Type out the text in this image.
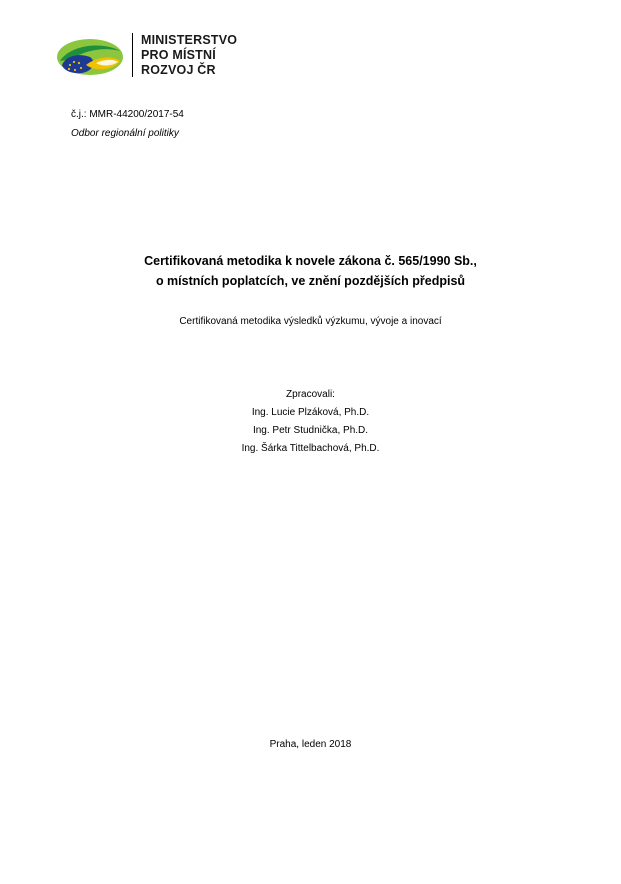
MINISTERSTVO
PRO MÍSTNÍ
ROZVOJ ČR
č.j.: MMR-44200/2017-54
Odbor regionální politiky
Certifikovaná metodika k novele zákona č. 565/1990 Sb.,
o místních poplatcích, ve znění pozdějších předpisů
Certifikovaná metodika výsledků výzkumu, vývoje a inovací
Zpracovali:
Ing. Lucie Plzáková, Ph.D.
Ing. Petr Studnička, Ph.D.
Ing. Šárka Tittelbachová, Ph.D.
Praha, leden 2018
